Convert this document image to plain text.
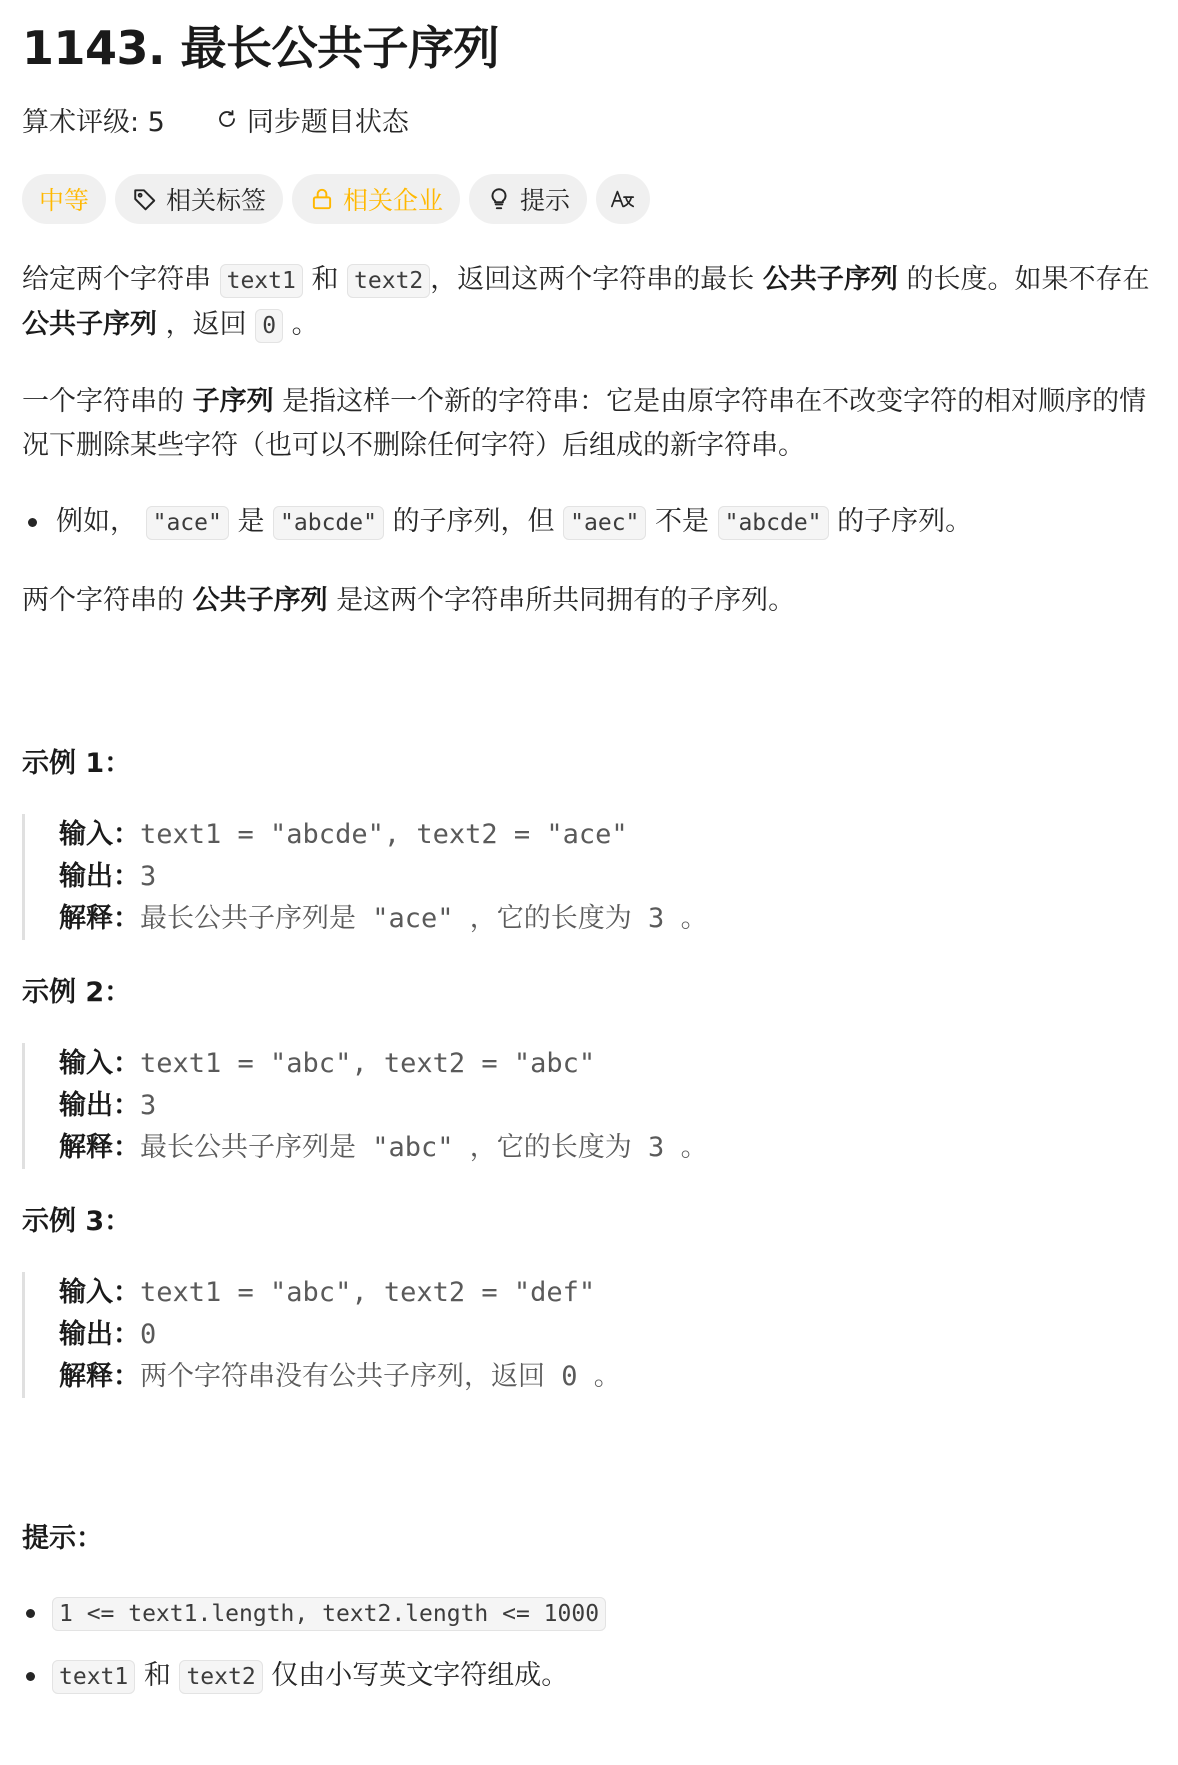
1143. 最长公共子序列
算术评级: 5	同步题目状态
中等	相关标签	相关企业	提示

给定两个字符串 text1 和 text2 ，返回这两个字符串的最长 公共子序列 的长度。如果不存在 公共子序列 ，返回 0 。

一个字符串的 子序列 是指这样一个新的字符串：它是由原字符串在不改变字符的相对顺序的情况下删除某些字符（也可以不删除任何字符）后组成的新字符串。

例如， "ace" 是 "abcde" 的子序列，但 "aec" 不是 "abcde" 的子序列。

两个字符串的 公共子序列 是这两个字符串所共同拥有的子序列。

示例 1：
输入：text1 = "abcde", text2 = "ace"
输出：3
解释：最长公共子序列是 "ace" ，它的长度为 3 。
示例 2：
输入：text1 = "abc", text2 = "abc"
输出：3
解释：最长公共子序列是 "abc" ，它的长度为 3 。
示例 3：
输入：text1 = "abc", text2 = "def"
输出：0
解释：两个字符串没有公共子序列，返回 0 。
提示：
1 <= text1.length, text2.length <= 1000
text1 和 text2 仅由小写英文字符组成。
